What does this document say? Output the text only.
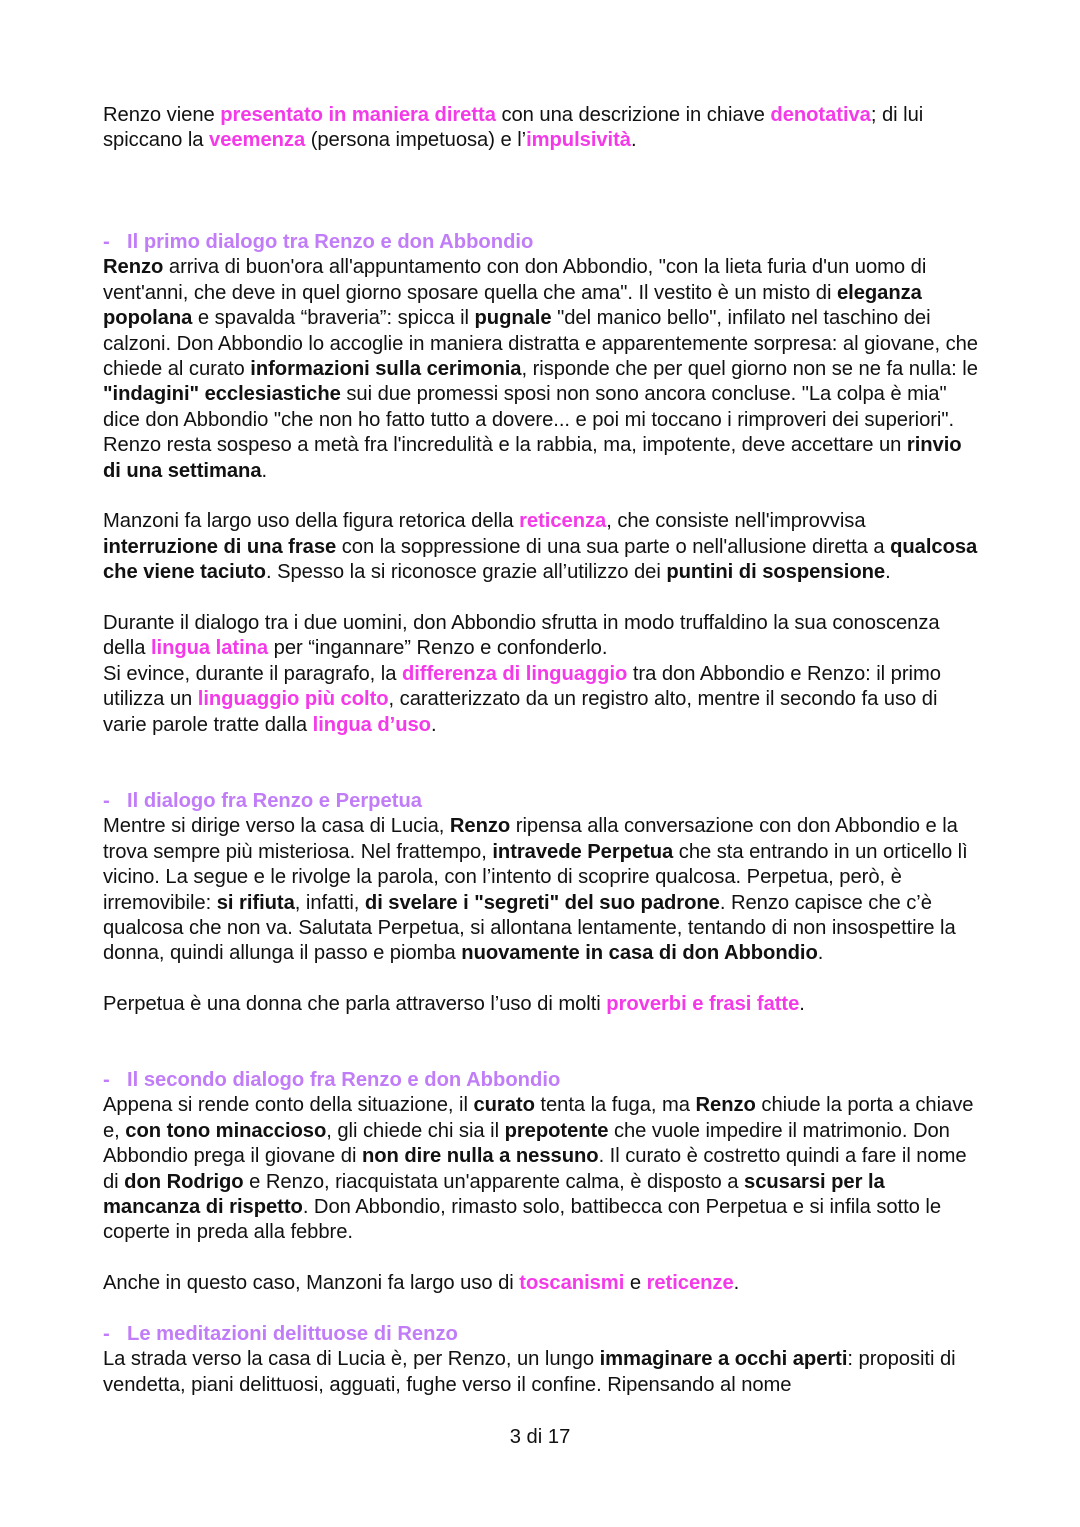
Renzo viene presentato in maniera diretta con una descrizione in chiave denotativa; di lui spiccano la veemenza (persona impetuosa) e l’impulsività.

- Il primo dialogo tra Renzo e don Abbondio

Renzo arriva di buon'ora all'appuntamento con don Abbondio, "con la lieta furia d'un uomo di vent'anni, che deve in quel giorno sposare quella che ama". Il vestito è un misto di eleganza popolana e spavalda “braveria”: spicca il pugnale "del manico bello", infilato nel taschino dei calzoni. Don Abbondio lo accoglie in maniera distratta e apparentemente sorpresa: al giovane, che chiede al curato informazioni sulla cerimonia, risponde che per quel giorno non se ne fa nulla: le "indagini" ecclesiastiche sui due promessi sposi non sono ancora concluse. "La colpa è mia" dice don Abbondio "che non ho fatto tutto a dovere... e poi mi toccano i rimproveri dei superiori". Renzo resta sospeso a metà fra l'incredulità e la rabbia, ma, impotente, deve accettare un rinvio di una settimana.

Manzoni fa largo uso della figura retorica della reticenza, che consiste nell'improvvisa interruzione di una frase con la soppressione di una sua parte o nell'allusione diretta a qualcosa che viene taciuto. Spesso la si riconosce grazie all’utilizzo dei puntini di sospensione.

Durante il dialogo tra i due uomini, don Abbondio sfrutta in modo truffaldino la sua conoscenza della lingua latina per “ingannare” Renzo e confonderlo.
Si evince, durante il paragrafo, la differenza di linguaggio tra don Abbondio e Renzo: il primo utilizza un linguaggio più colto, caratterizzato da un registro alto, mentre il secondo fa uso di varie parole tratte dalla lingua d’uso.

- Il dialogo fra Renzo e Perpetua

Mentre si dirige verso la casa di Lucia, Renzo ripensa alla conversazione con don Abbondio e la trova sempre più misteriosa. Nel frattempo, intravede Perpetua che sta entrando in un orticello lì vicino. La segue e le rivolge la parola, con l’intento di scoprire qualcosa. Perpetua, però, è irremovibile: si rifiuta, infatti, di svelare i "segreti" del suo padrone. Renzo capisce che c’è qualcosa che non va. Salutata Perpetua, si allontana lentamente, tentando di non insospettire la donna, quindi allunga il passo e piomba nuovamente in casa di don Abbondio.

Perpetua è una donna che parla attraverso l’uso di molti proverbi e frasi fatte.

- Il secondo dialogo fra Renzo e don Abbondio

Appena si rende conto della situazione, il curato tenta la fuga, ma Renzo chiude la porta a chiave e, con tono minaccioso, gli chiede chi sia il prepotente che vuole impedire il matrimonio. Don Abbondio prega il giovane di non dire nulla a nessuno. Il curato è costretto quindi a fare il nome di don Rodrigo e Renzo, riacquistata un'apparente calma, è disposto a scusarsi per la mancanza di rispetto. Don Abbondio, rimasto solo, battibecca con Perpetua e si infila sotto le coperte in preda alla febbre.

Anche in questo caso, Manzoni fa largo uso di toscanismi e reticenze.

- Le meditazioni delittuose di Renzo

La strada verso la casa di Lucia è, per Renzo, un lungo immaginare a occhi aperti: propositi di vendetta, piani delittuosi, agguati, fughe verso il confine. Ripensando al nome

3 di 17
